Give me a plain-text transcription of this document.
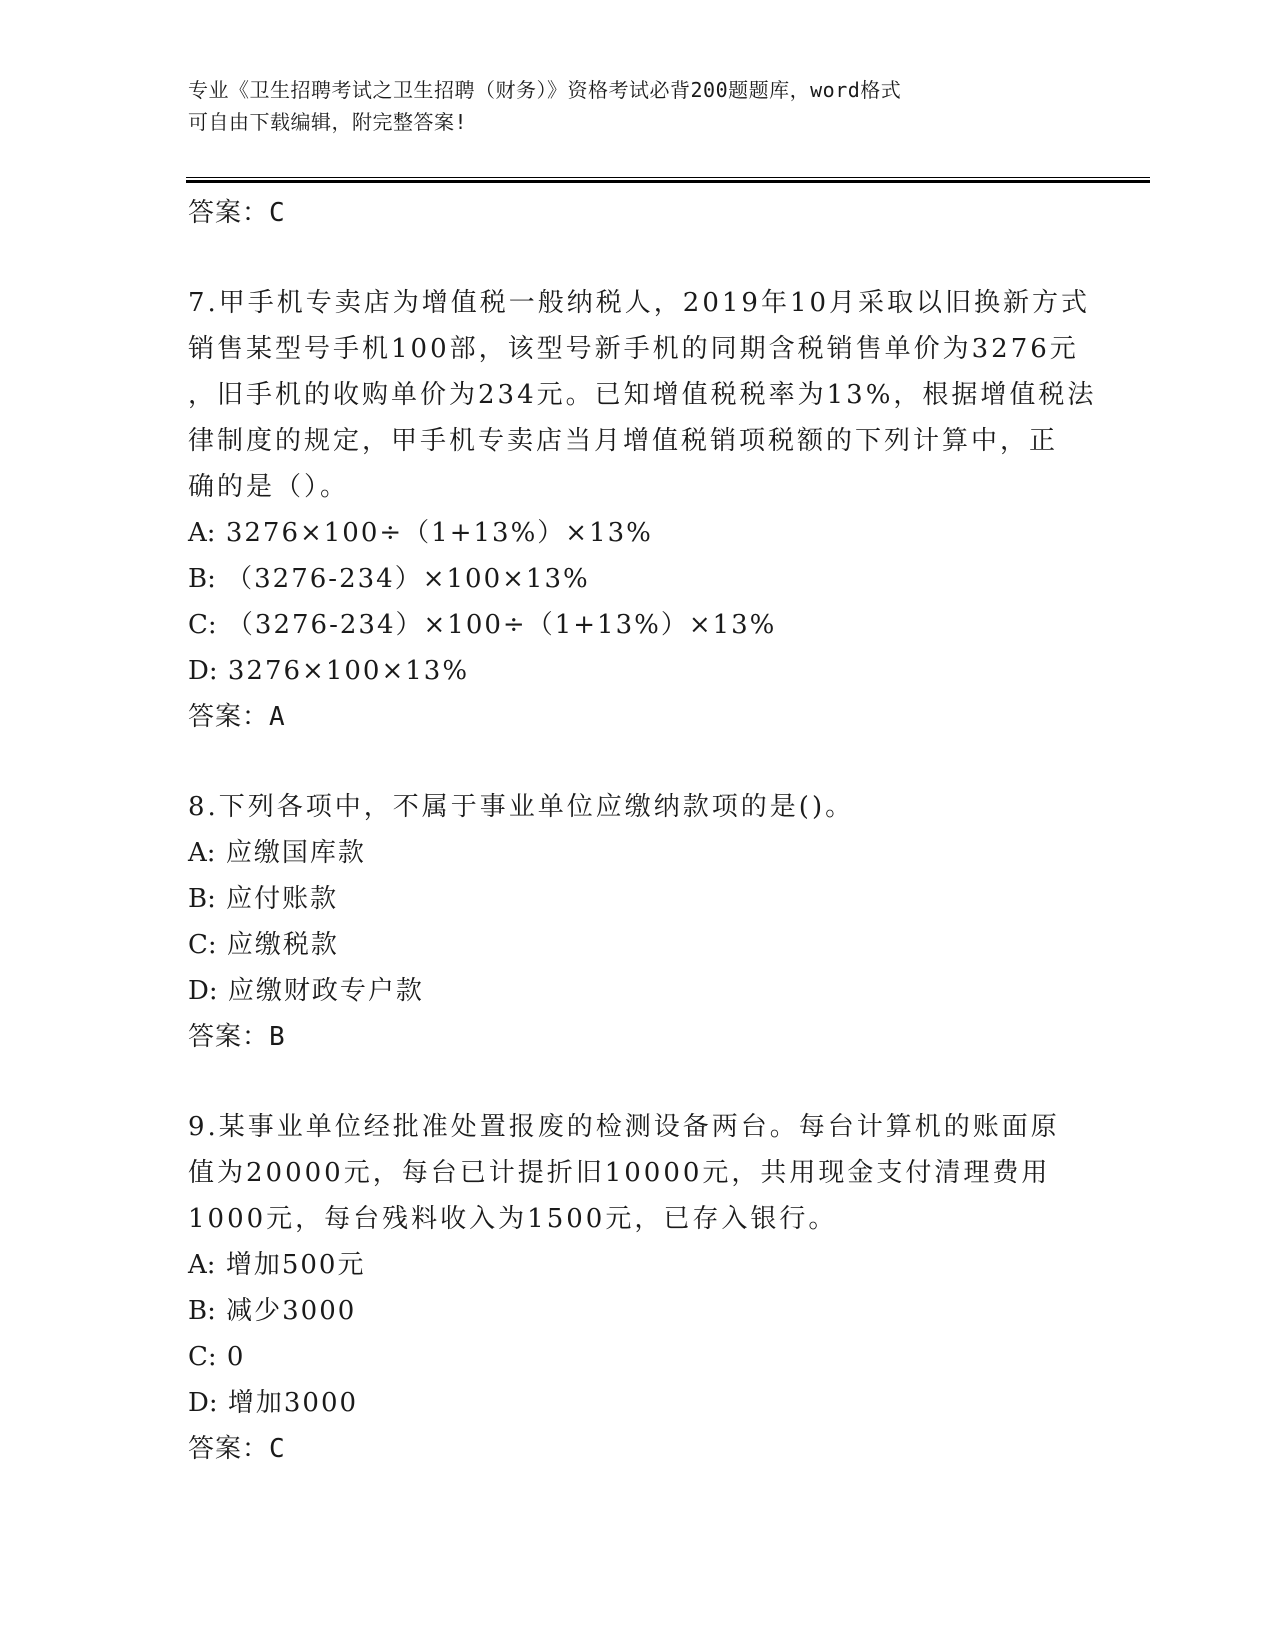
专业《卫生招聘考试之卫生招聘（财务）》资格考试必背200题题库，word格式
可自由下载编辑，附完整答案!
答案：C
7.甲手机专卖店为增值税一般纳税人，2019年10月采取以旧换新方式
销售某型号手机100部，该型号新手机的同期含税销售单价为3276元
，旧手机的收购单价为234元。已知增值税税率为13%，根据增值税法
律制度的规定，甲手机专卖店当月增值税销项税额的下列计算中，正
确的是（）。
A: 3276×100÷（1+13%）×13%
B: （3276-234）×100×13%
C: （3276-234）×100÷（1+13%）×13%
D: 3276×100×13%
答案：A
8.下列各项中，不属于事业单位应缴纳款项的是()。
A: 应缴国库款
B: 应付账款
C: 应缴税款
D: 应缴财政专户款
答案：B
9.某事业单位经批准处置报废的检测设备两台。每台计算机的账面原
值为20000元，每台已计提折旧10000元，共用现金支付清理费用
1000元，每台残料收入为1500元，已存入银行。
A: 增加500元
B: 减少3000
C: 0
D: 增加3000
答案：C
